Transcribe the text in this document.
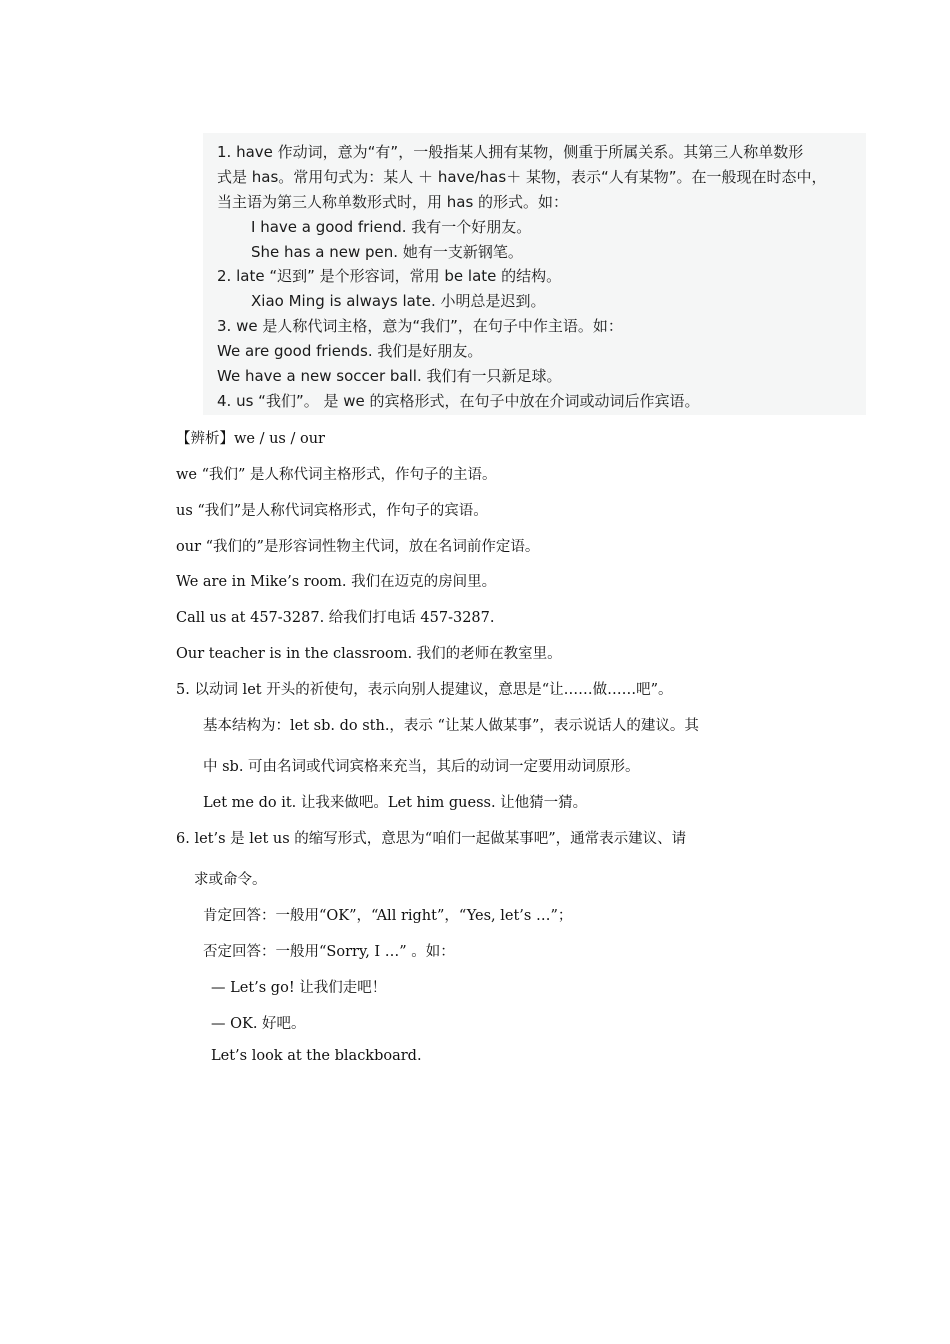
1. have 作动词，意为“有”，一般指某人拥有某物，侧重于所属关系。其第三人称单数形
式是 has。常用句式为：某人 ＋ have/has＋ 某物，表示“人有某物”。在一般现在时态中，
当主语为第三人称单数形式时，用 has 的形式。如：
I have a good friend. 我有一个好朋友。
She has a new pen. 她有一支新钢笔。
2. late “迟到” 是个形容词，常用 be late 的结构。
Xiao Ming is always late. 小明总是迟到。
3. we 是人称代词主格，意为“我们”，在句子中作主语。如：
We are good friends. 我们是好朋友。
We have a new soccer ball. 我们有一只新足球。
4. us “我们”。 是 we 的宾格形式，在句子中放在介词或动词后作宾语。
【辨析】we / us / our
we “我们” 是人称代词主格形式，作句子的主语。
us “我们”是人称代词宾格形式，作句子的宾语。
our “我们的”是形容词性物主代词，放在名词前作定语。
We are in Mike’s room. 我们在迈克的房间里。
Call us at 457-3287. 给我们打电话 457-3287.
Our teacher is in the classroom. 我们的老师在教室里。
5. 以动词 let 开头的祈使句，表示向别人提建议，意思是“让……做……吧”。
基本结构为：let sb. do sth.，表示 “让某人做某事”，表示说话人的建议。其
中 sb. 可由名词或代词宾格来充当，其后的动词一定要用动词原形。
Let me do it. 让我来做吧。Let him guess. 让他猜一猜。
6. let’s 是 let us 的缩写形式，意思为“咱们一起做某事吧”，通常表示建议、请
求或命令。
肯定回答：一般用“OK”，“All right”，“Yes, let’s …”；
否定回答：一般用“Sorry, I …” 。如：
— Let’s go! 让我们走吧！
— OK. 好吧。
Let’s look at the blackboard.
